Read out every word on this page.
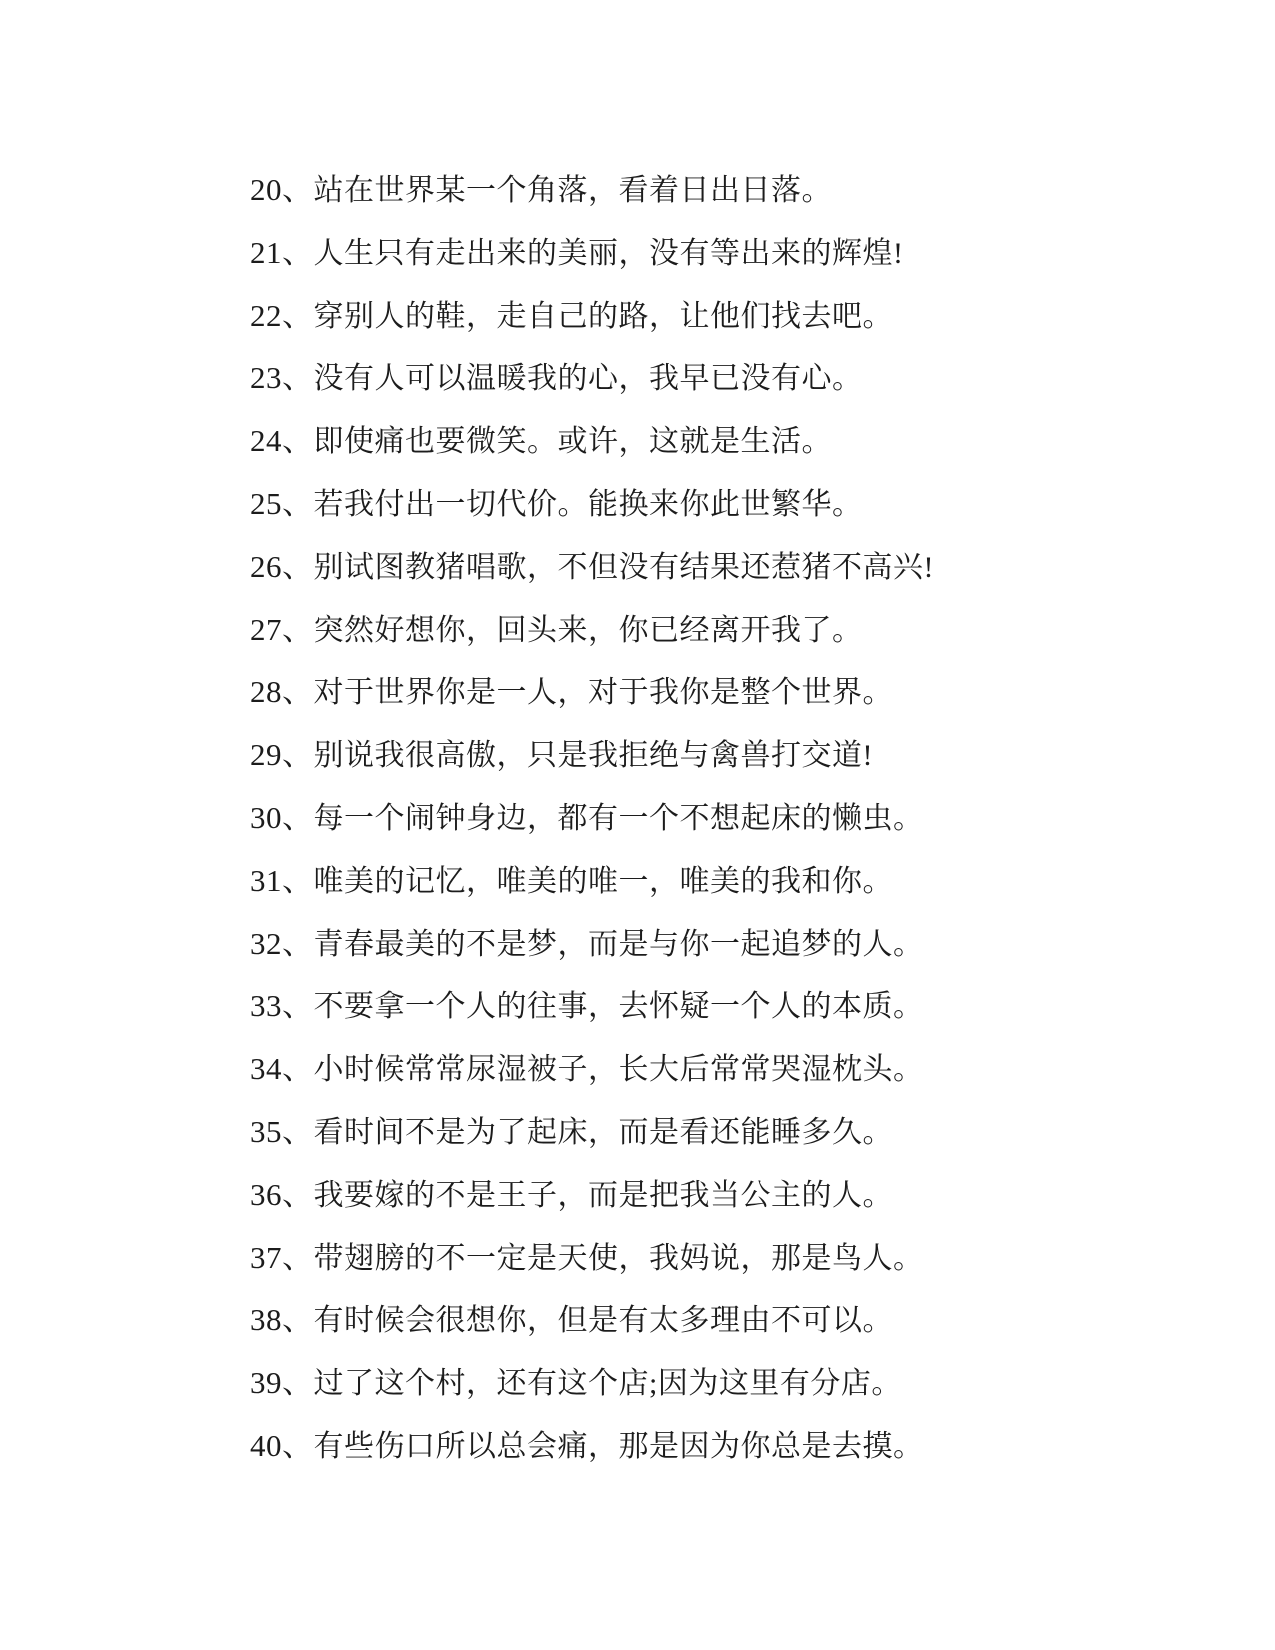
20、站在世界某一个角落，看着日出日落。

21、人生只有走出来的美丽，没有等出来的辉煌!

22、穿别人的鞋，走自己的路，让他们找去吧。

23、没有人可以温暖我的心，我早已没有心。

24、即使痛也要微笑。或许，这就是生活。

25、若我付出一切代价。能换来你此世繁华。

26、别试图教猪唱歌，不但没有结果还惹猪不高兴!

27、突然好想你，回头来，你已经离开我了。

28、对于世界你是一人，对于我你是整个世界。

29、别说我很高傲，只是我拒绝与禽兽打交道!

30、每一个闹钟身边，都有一个不想起床的懒虫。

31、唯美的记忆，唯美的唯一，唯美的我和你。

32、青春最美的不是梦，而是与你一起追梦的人。

33、不要拿一个人的往事，去怀疑一个人的本质。

34、小时候常常尿湿被子，长大后常常哭湿枕头。

35、看时间不是为了起床，而是看还能睡多久。

36、我要嫁的不是王子，而是把我当公主的人。

37、带翅膀的不一定是天使，我妈说，那是鸟人。

38、有时候会很想你，但是有太多理由不可以。

39、过了这个村，还有这个店;因为这里有分店。

40、有些伤口所以总会痛，那是因为你总是去摸。
